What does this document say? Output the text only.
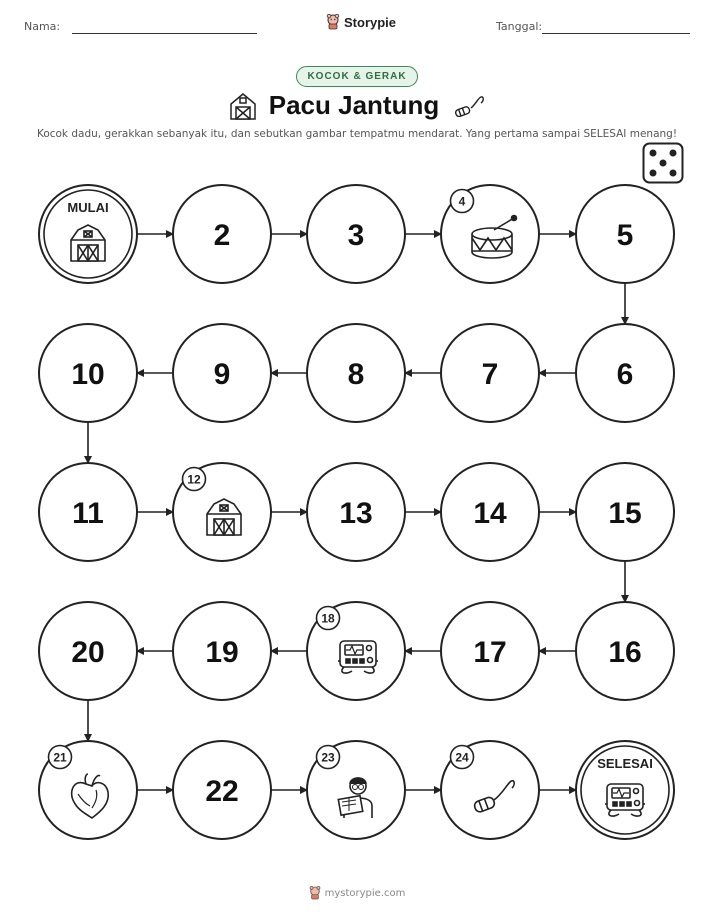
Nama:	Storypie	Tanggal:
KOCOK & GERAK
Pacu Jantung
Kocok dadu, gerakkan sebanyak itu, dan sebutkan gambar tempatmu mendarat. Yang pertama sampai SELESAI menang!
MULAI
2	3
4
5
6
7
8
9
10
11
12
13	14	15
16
17
18
19
20
21
22
23	24	SELESAI
mystorypie.com
